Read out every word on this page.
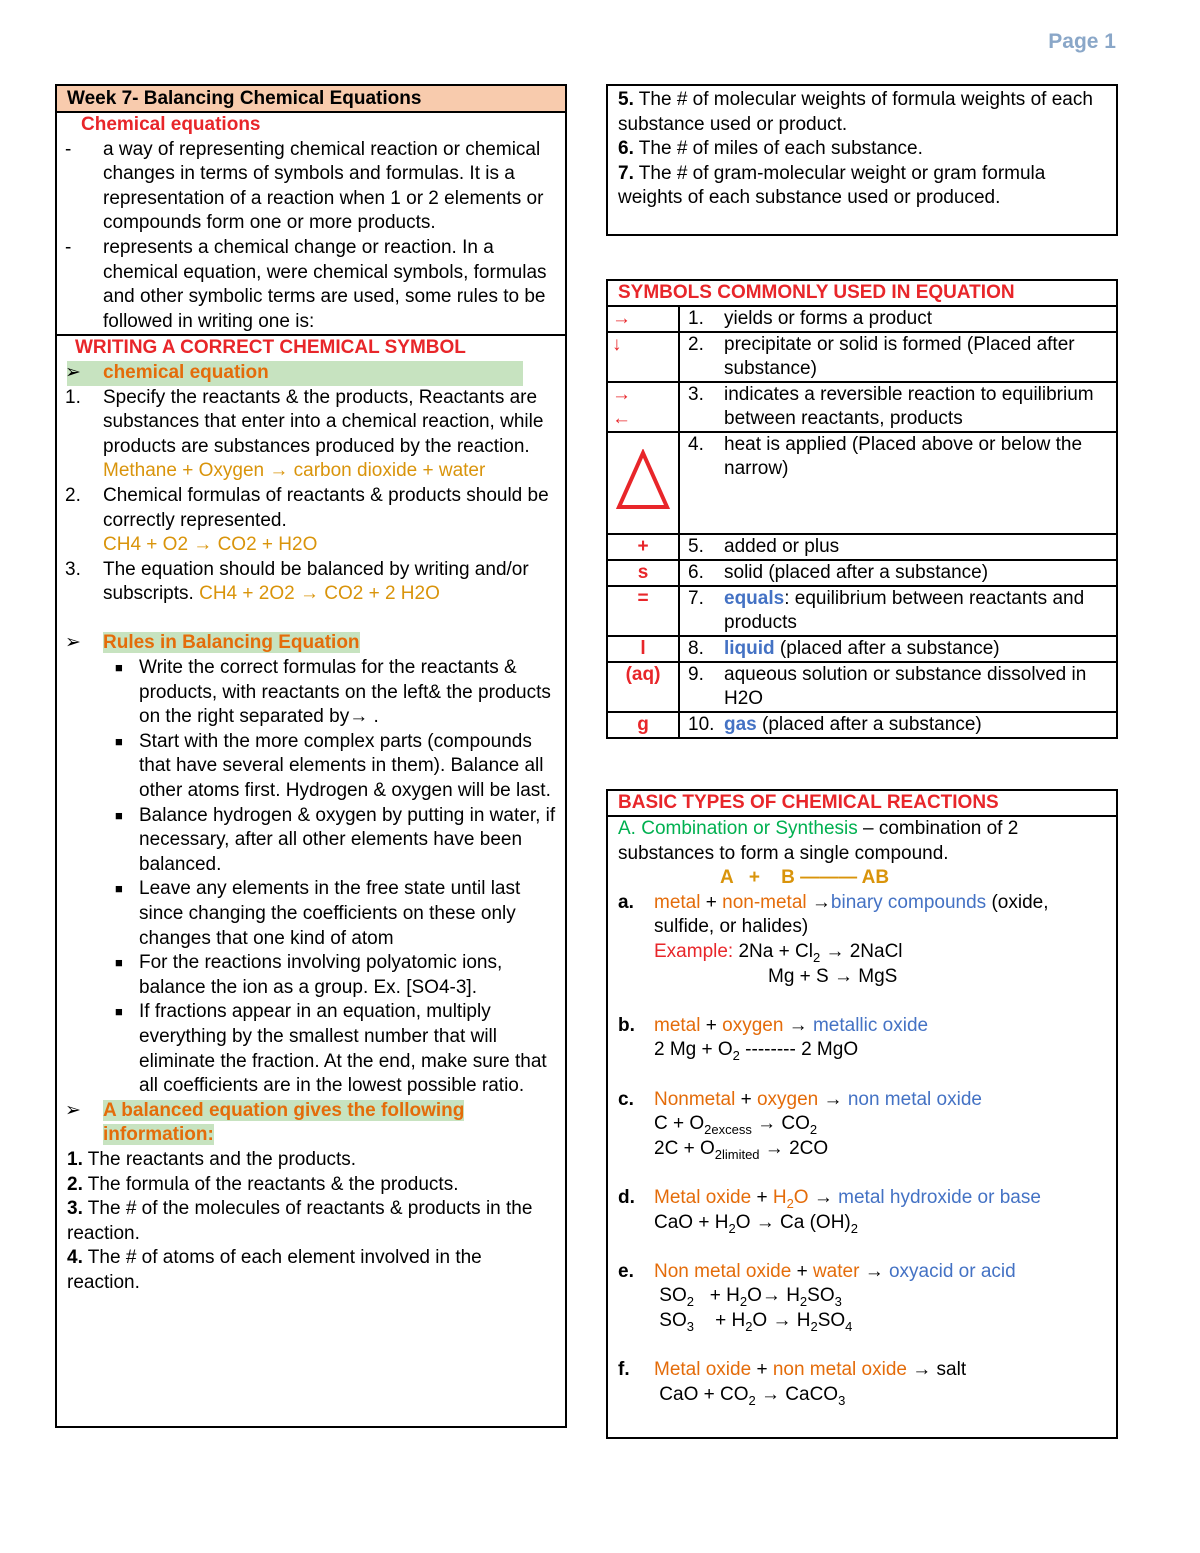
Page 1
Week 7- Balancing Chemical Equations
Chemical equations
- a way of representing chemical reaction or chemical changes in terms of symbols and formulas. It is a representation of a reaction when 1 or 2 elements or compounds form one or more products.
- represents a chemical change or reaction. In a chemical equation, were chemical symbols, formulas and other symbolic terms are used, some rules to be followed in writing one is:
WRITING A CORRECT CHEMICAL SYMBOL
➢ chemical equation
1. Specify the reactants & the products, Reactants are substances that enter into a chemical reaction, while products are substances produced by the reaction.
Methane + Oxygen → carbon dioxide + water
2. Chemical formulas of reactants & products should be correctly represented.
CH4 + O2 → CO2 + H2O
3. The equation should be balanced by writing and/or subscripts. CH4 + 2O2 → CO2 + 2 H2O
➢ Rules in Balancing Equation
■ Write the correct formulas for the reactants & products, with reactants on the left& the products on the right separated by→ .
■ Start with the more complex parts (compounds that have several elements in them). Balance all other atoms first. Hydrogen & oxygen will be last.
■ Balance hydrogen & oxygen by putting in water, if necessary, after all other elements have been balanced.
■ Leave any elements in the free state until last since changing the coefficients on these only changes that one kind of atom
■ For the reactions involving polyatomic ions, balance the ion as a group. Ex. [SO4-3].
■ If fractions appear in an equation, multiply everything by the smallest number that will eliminate the fraction. At the end, make sure that all coefficients are in the lowest possible ratio.
➢ A balanced equation gives the following information:
1. The reactants and the products.
2. The formula of the reactants & the products.
3. The # of the molecules of reactants & products in the reaction.
4. The # of atoms of each element involved in the reaction.
5. The # of molecular weights of formula weights of each substance used or product.
6. The # of miles of each substance.
7. The # of gram-molecular weight or gram formula weights of each substance used or produced.
SYMBOLS COMMONLY USED IN EQUATION	
→	1. yields or forms a product
↓	2. precipitate or solid is formed (Placed after substance)
→
←	3. indicates a reversible reaction to equilibrium between reactants, products

4. heat is applied (Placed above or below the narrow)
+	5. added or plus
s	6. solid (placed after a substance)
=	7. equals: equilibrium between reactants and products
l	8. liquid (placed after a substance)
(aq)	9. aqueous solution or substance dissolved in H2O
g	10. gas (placed after a substance)
BASIC TYPES OF CHEMICAL REACTIONS
A. Combination or Synthesis – combination of 2 substances to form a single compound.
A   +    B ——— AB
a. metal + non-metal →binary compounds (oxide, sulfide, or halides)
Example: $2Na + Cl_2$ → 2NaCl
Mg + S → MgS
b. metal + oxygen → metallic oxide
2 $Mg + O_2$ -------- 2 MgO
c. Nonmetal + oxygen → non metal oxide
$C + O_{2excess} \to CO_2$
$2C + O_{2limited} \to 2CO$
d. Metal oxide + $H_2O$ → metal hydroxide or base
CaO + $H_2O \to Ca$ $(OH)_2$
e. Non metal oxide + water → oxyacid or acid
$SO_2 + H_2O\to H_2SO_3$
$SO_3$    + $H_2O \to H_2SO_4$
f. Metal oxide + non metal oxide → salt
CaO + $CO_2$ → CaCO$_3$
